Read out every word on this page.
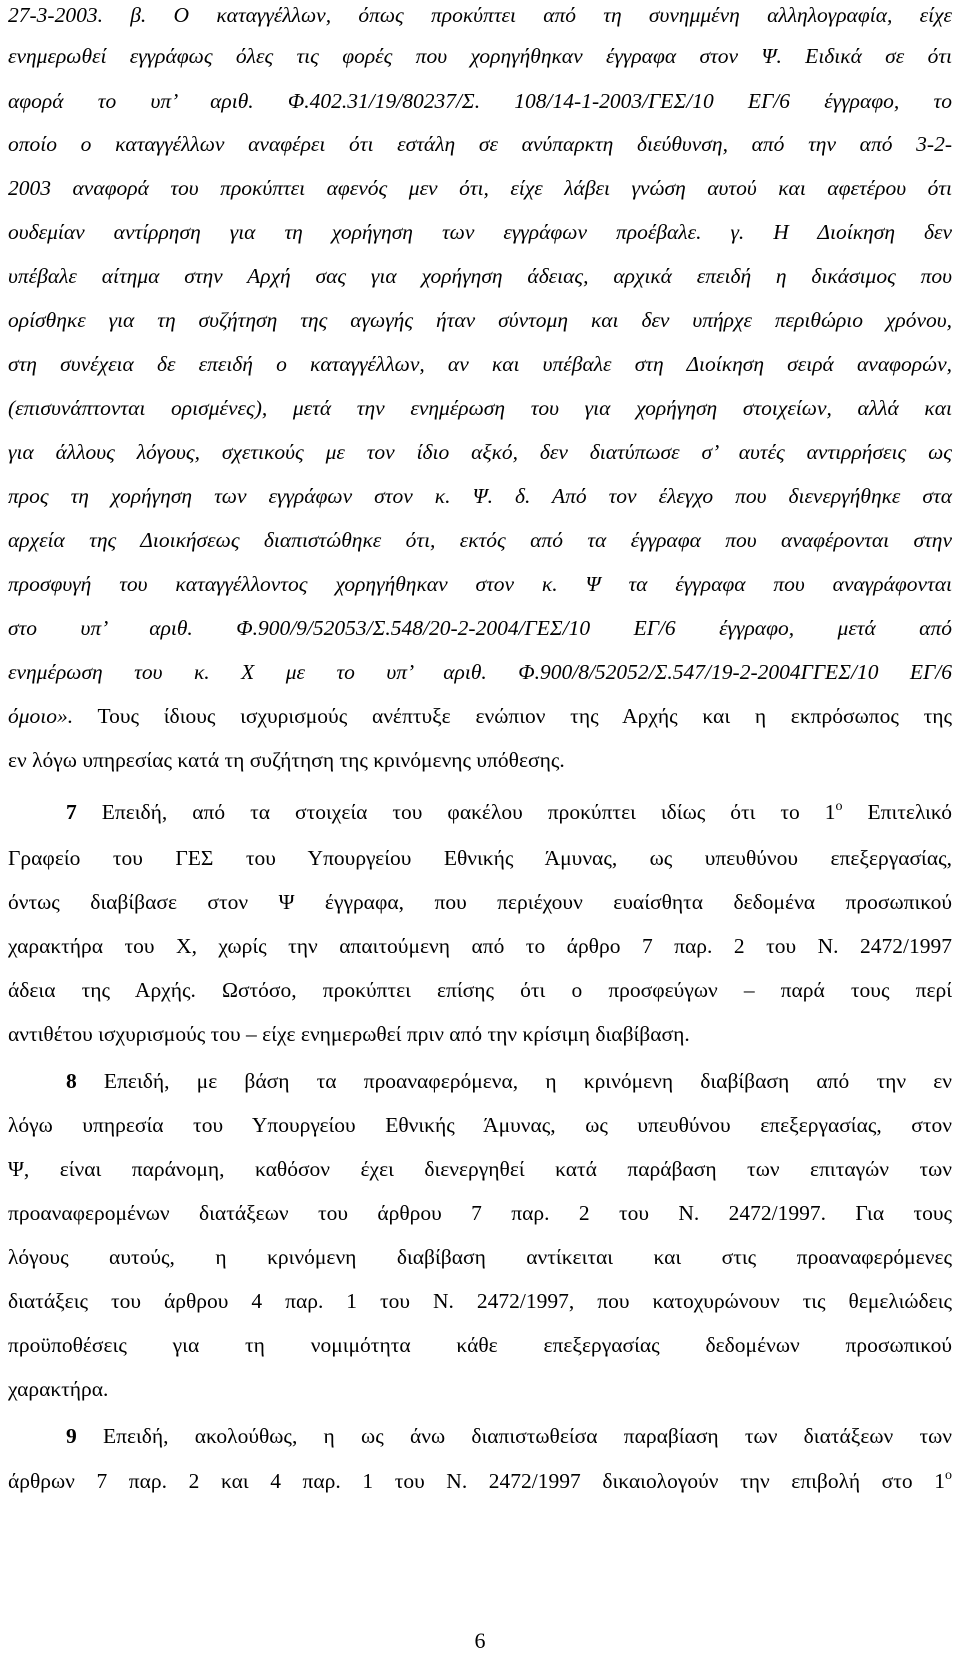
27-3-2003. β. Ο καταγγέλλων, όπως προκύπτει από τη συνημμένη αλληλογραφία, είχε
ενημερωθεί εγγράφως όλες τις φορές που χορηγήθηκαν έγγραφα στον Ψ. Ειδικά σε ότι
αφορά το υπ’ αριθ. Φ.402.31/19/80237/Σ. 108/14-1-2003/ΓΕΣ/10 ΕΓ/6 έγγραφο, το
οποίο ο καταγγέλλων αναφέρει ότι εστάλη σε ανύπαρκτη διεύθυνση, από την από 3-2-
2003 αναφορά του προκύπτει αφενός μεν ότι, είχε λάβει γνώση αυτού και αφετέρου ότι
ουδεμίαν αντίρρηση για τη χορήγηση των εγγράφων προέβαλε. γ. Η Διοίκηση δεν
υπέβαλε αίτημα στην Αρχή σας για χορήγηση άδειας, αρχικά επειδή η δικάσιμος που
ορίσθηκε για τη συζήτηση της αγωγής ήταν σύντομη και δεν υπήρχε περιθώριο χρόνου,
στη συνέχεια δε επειδή ο καταγγέλλων, αν και υπέβαλε στη Διοίκηση σειρά αναφορών,
(επισυνάπτονται ορισμένες), μετά την ενημέρωση του για χορήγηση στοιχείων, αλλά και
για άλλους λόγους, σχετικούς με τον ίδιο αξκό, δεν διατύπωσε σ’ αυτές αντιρρήσεις ως
προς τη χορήγηση των εγγράφων στον κ. Ψ. δ. Από τον έλεγχο που διενεργήθηκε στα
αρχεία της Διοικήσεως διαπιστώθηκε ότι, εκτός από τα έγγραφα που αναφέρονται στην
προσφυγή του καταγγέλλοντος χορηγήθηκαν στον κ. Ψ τα έγγραφα που αναγράφονται
στο υπ’ αριθ. Φ.900/9/52053/Σ.548/20-2-2004/ΓΕΣ/10 ΕΓ/6 έγγραφο, μετά από
ενημέρωση του κ. Χ με το υπ’ αριθ. Φ.900/8/52052/Σ.547/19-2-2004ΓΓΕΣ/10 ΕΓ/6
όμοιο». Τους ίδιους ισχυρισμούς ανέπτυξε ενώπιον της Αρχής και η εκπρόσωπος της
εν λόγω υπηρεσίας κατά τη συζήτηση της κρινόμενης υπόθεσης.
7 Επειδή, από τα στοιχεία του φακέλου προκύπτει ιδίως ότι το $1^o$ Επιτελικό
Γραφείο του ΓΕΣ του Υπουργείου Εθνικής Άμυνας, ως υπευθύνου επεξεργασίας,
όντως διαβίβασε στον Ψ έγγραφα, που περιέχουν ευαίσθητα δεδομένα προσωπικού
χαρακτήρα του Χ, χωρίς την απαιτούμενη από το άρθρο 7 παρ. 2 του Ν. 2472/1997
άδεια της Αρχής. Ωστόσο, προκύπτει επίσης ότι ο προσφεύγων – παρά τους περί
αντιθέτου ισχυρισμούς του – είχε ενημερωθεί πριν από την κρίσιμη διαβίβαση.
8 Επειδή, με βάση τα προαναφερόμενα, η κρινόμενη διαβίβαση από την εν
λόγω υπηρεσία του Υπουργείου Εθνικής Άμυνας, ως υπευθύνου επεξεργασίας, στον
Ψ, είναι παράνομη, καθόσον έχει διενεργηθεί κατά παράβαση των επιταγών των
προαναφερομένων διατάξεων του άρθρου 7 παρ. 2 του Ν. 2472/1997. Για τους
λόγους αυτούς, η κρινόμενη διαβίβαση αντίκειται και στις προαναφερόμενες
διατάξεις του άρθρου 4 παρ. 1 του Ν. 2472/1997, που κατοχυρώνουν τις θεμελιώδεις
προϋποθέσεις για τη νομιμότητα κάθε επεξεργασίας δεδομένων προσωπικού
χαρακτήρα.
9 Επειδή, ακολούθως, η ως άνω διαπιστωθείσα παραβίαση των διατάξεων των
άρθρων 7 παρ. 2 και 4 παρ. 1 του Ν. 2472/1997 δικαιολογούν την επιβολή στο $1^o$
6
